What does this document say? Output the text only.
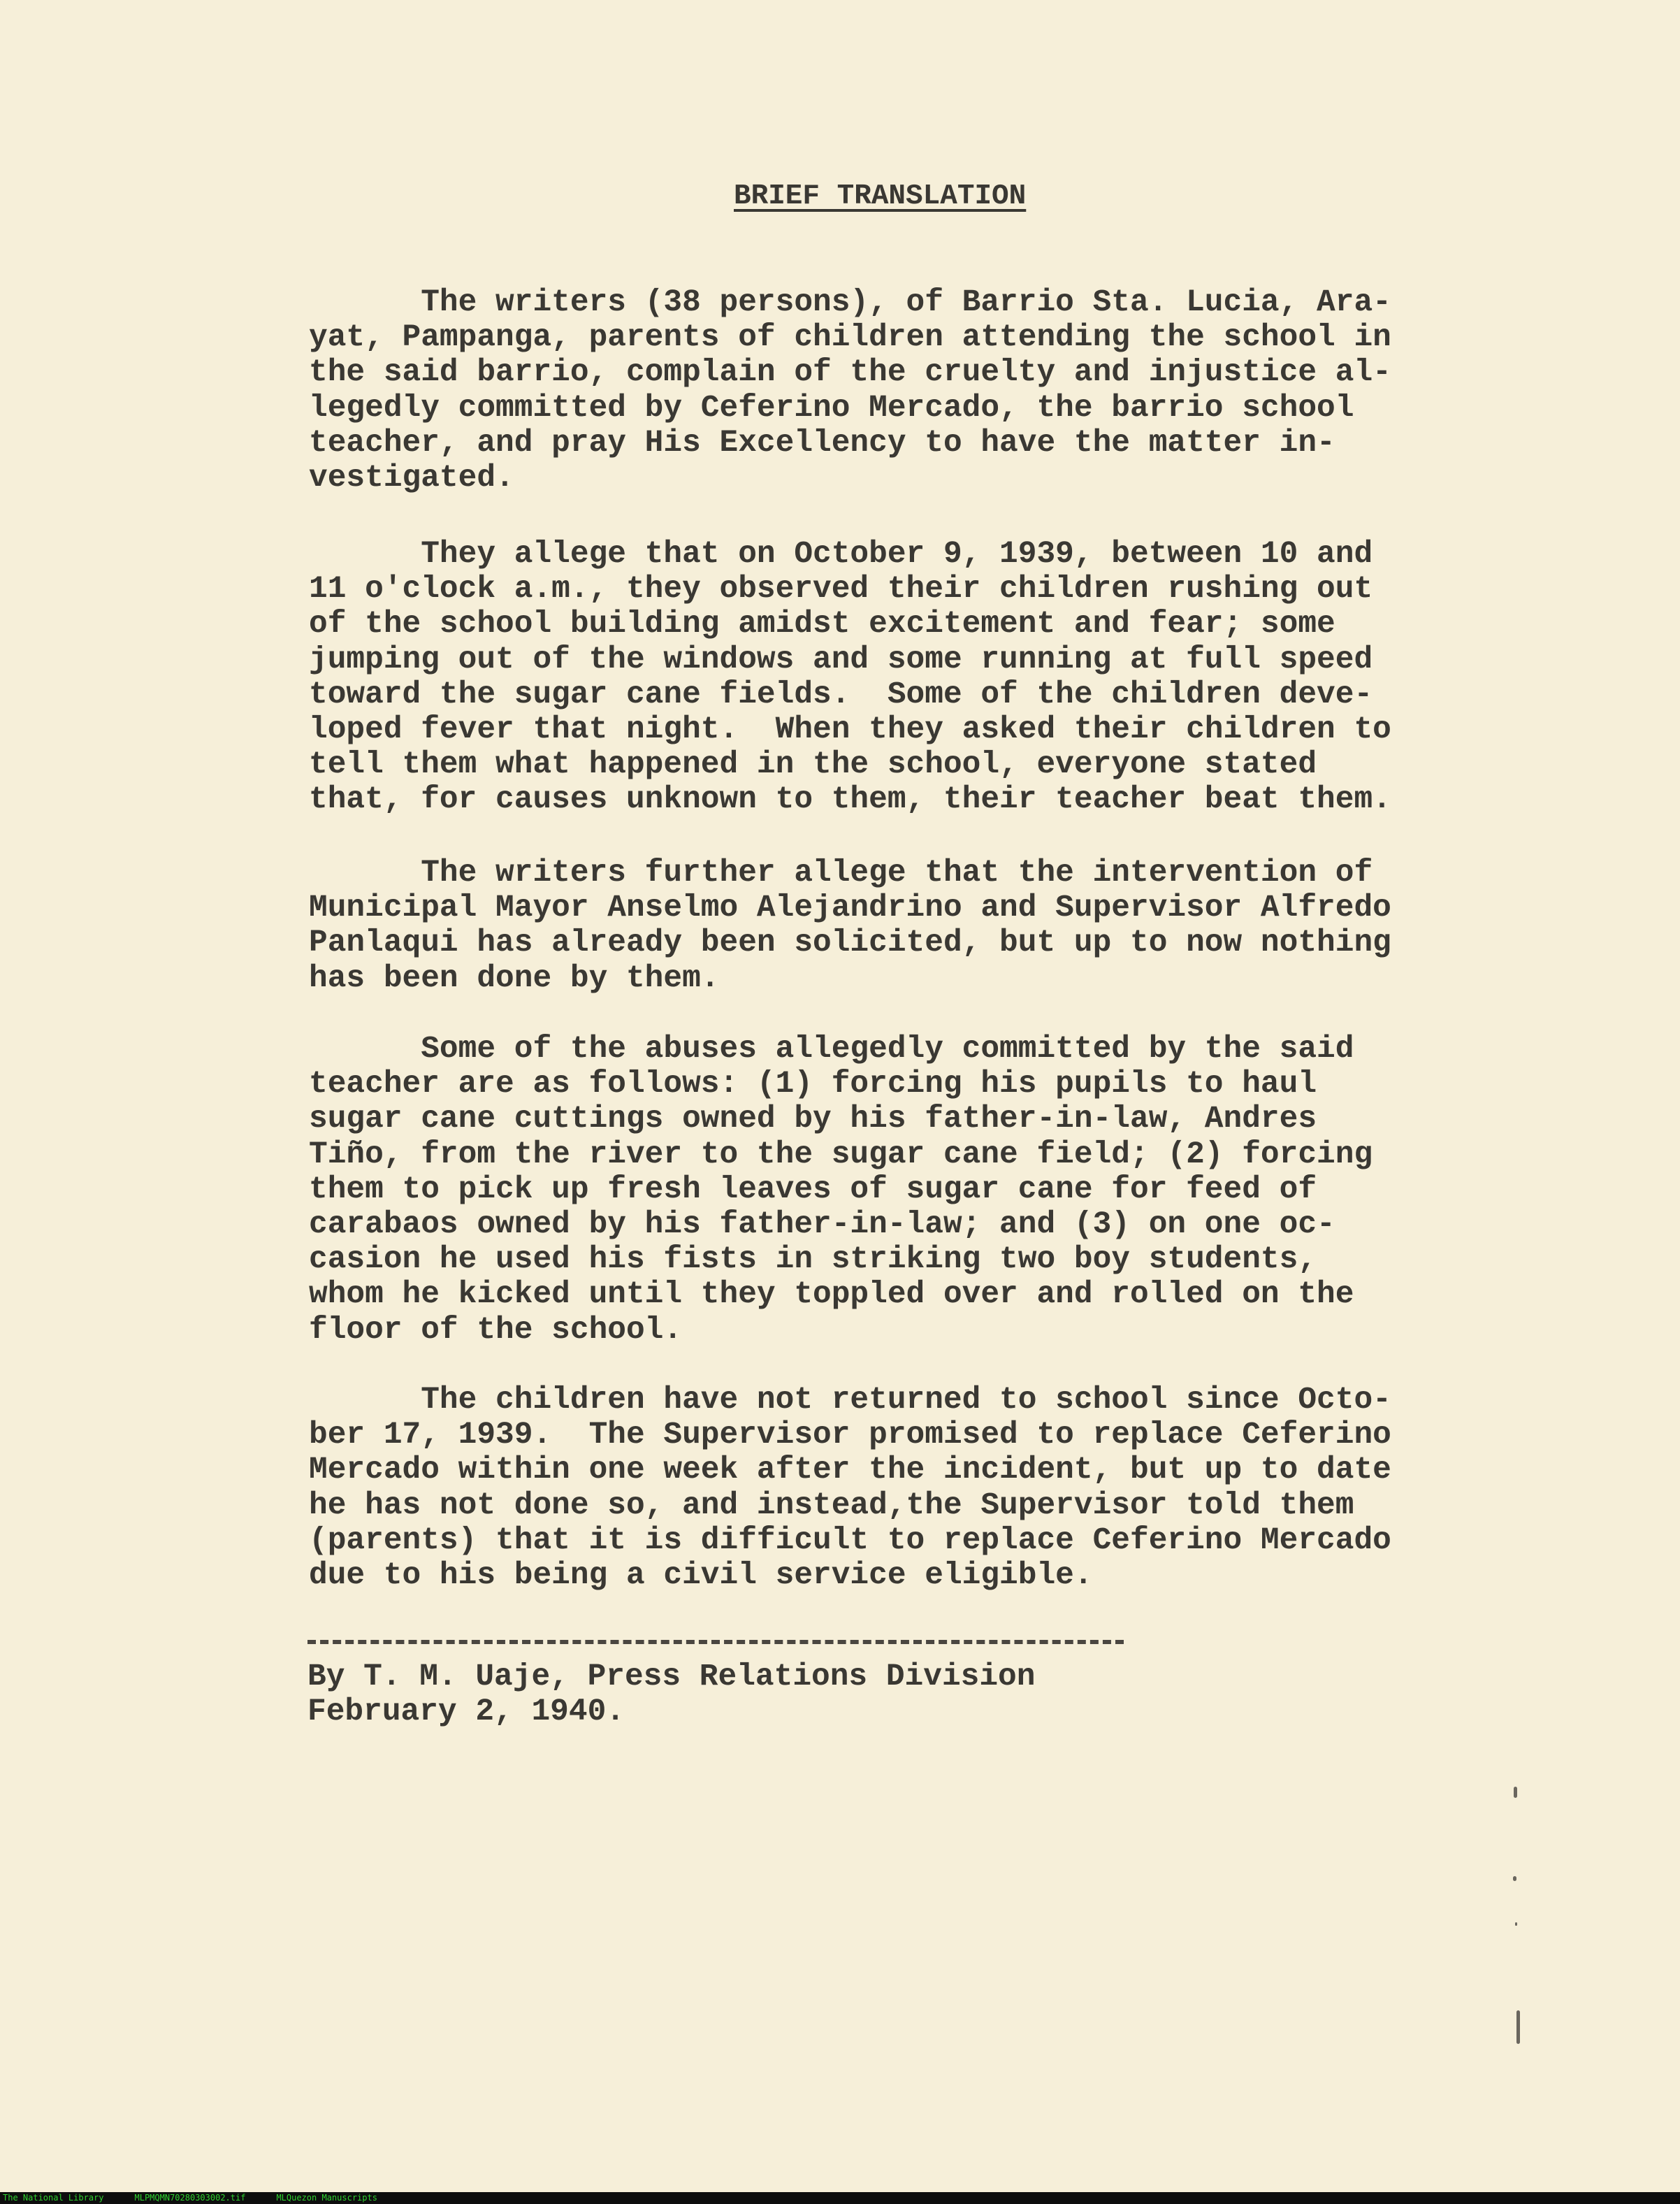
BRIEF TRANSLATION
The writers (38 persons), of Barrio Sta. Lucia, Ara-
yat, Pampanga, parents of children attending the school in
the said barrio, complain of the cruelty and injustice al-
legedly committed by Ceferino Mercado, the barrio school
teacher, and pray His Excellency to have the matter in-
vestigated.
They allege that on October 9, 1939, between 10 and
11 o'clock a.m., they observed their children rushing out
of the school building amidst excitement and fear; some
jumping out of the windows and some running at full speed
toward the sugar cane fields.  Some of the children deve-
loped fever that night.  When they asked their children to
tell them what happened in the school, everyone stated
that, for causes unknown to them, their teacher beat them.
The writers further allege that the intervention of
Municipal Mayor Anselmo Alejandrino and Supervisor Alfredo
Panlaqui has already been solicited, but up to now nothing
has been done by them.
Some of the abuses allegedly committed by the said
teacher are as follows: (1) forcing his pupils to haul
sugar cane cuttings owned by his father-in-law, Andres
Tiño, from the river to the sugar cane field; (2) forcing
them to pick up fresh leaves of sugar cane for feed of
carabaos owned by his father-in-law; and (3) on one oc-
casion he used his fists in striking two boy students,
whom he kicked until they toppled over and rolled on the
floor of the school.
The children have not returned to school since Octo-
ber 17, 1939.  The Supervisor promised to replace Ceferino
Mercado within one week after the incident, but up to date
he has not done so, and instead,the Supervisor told them
(parents) that it is difficult to replace Ceferino Mercado
due to his being a civil service eligible.
By T. M. Uaje, Press Relations Division
February 2, 1940.
The National Library	MLPMQMN70280303002.tif	MLQuezon Manuscripts
